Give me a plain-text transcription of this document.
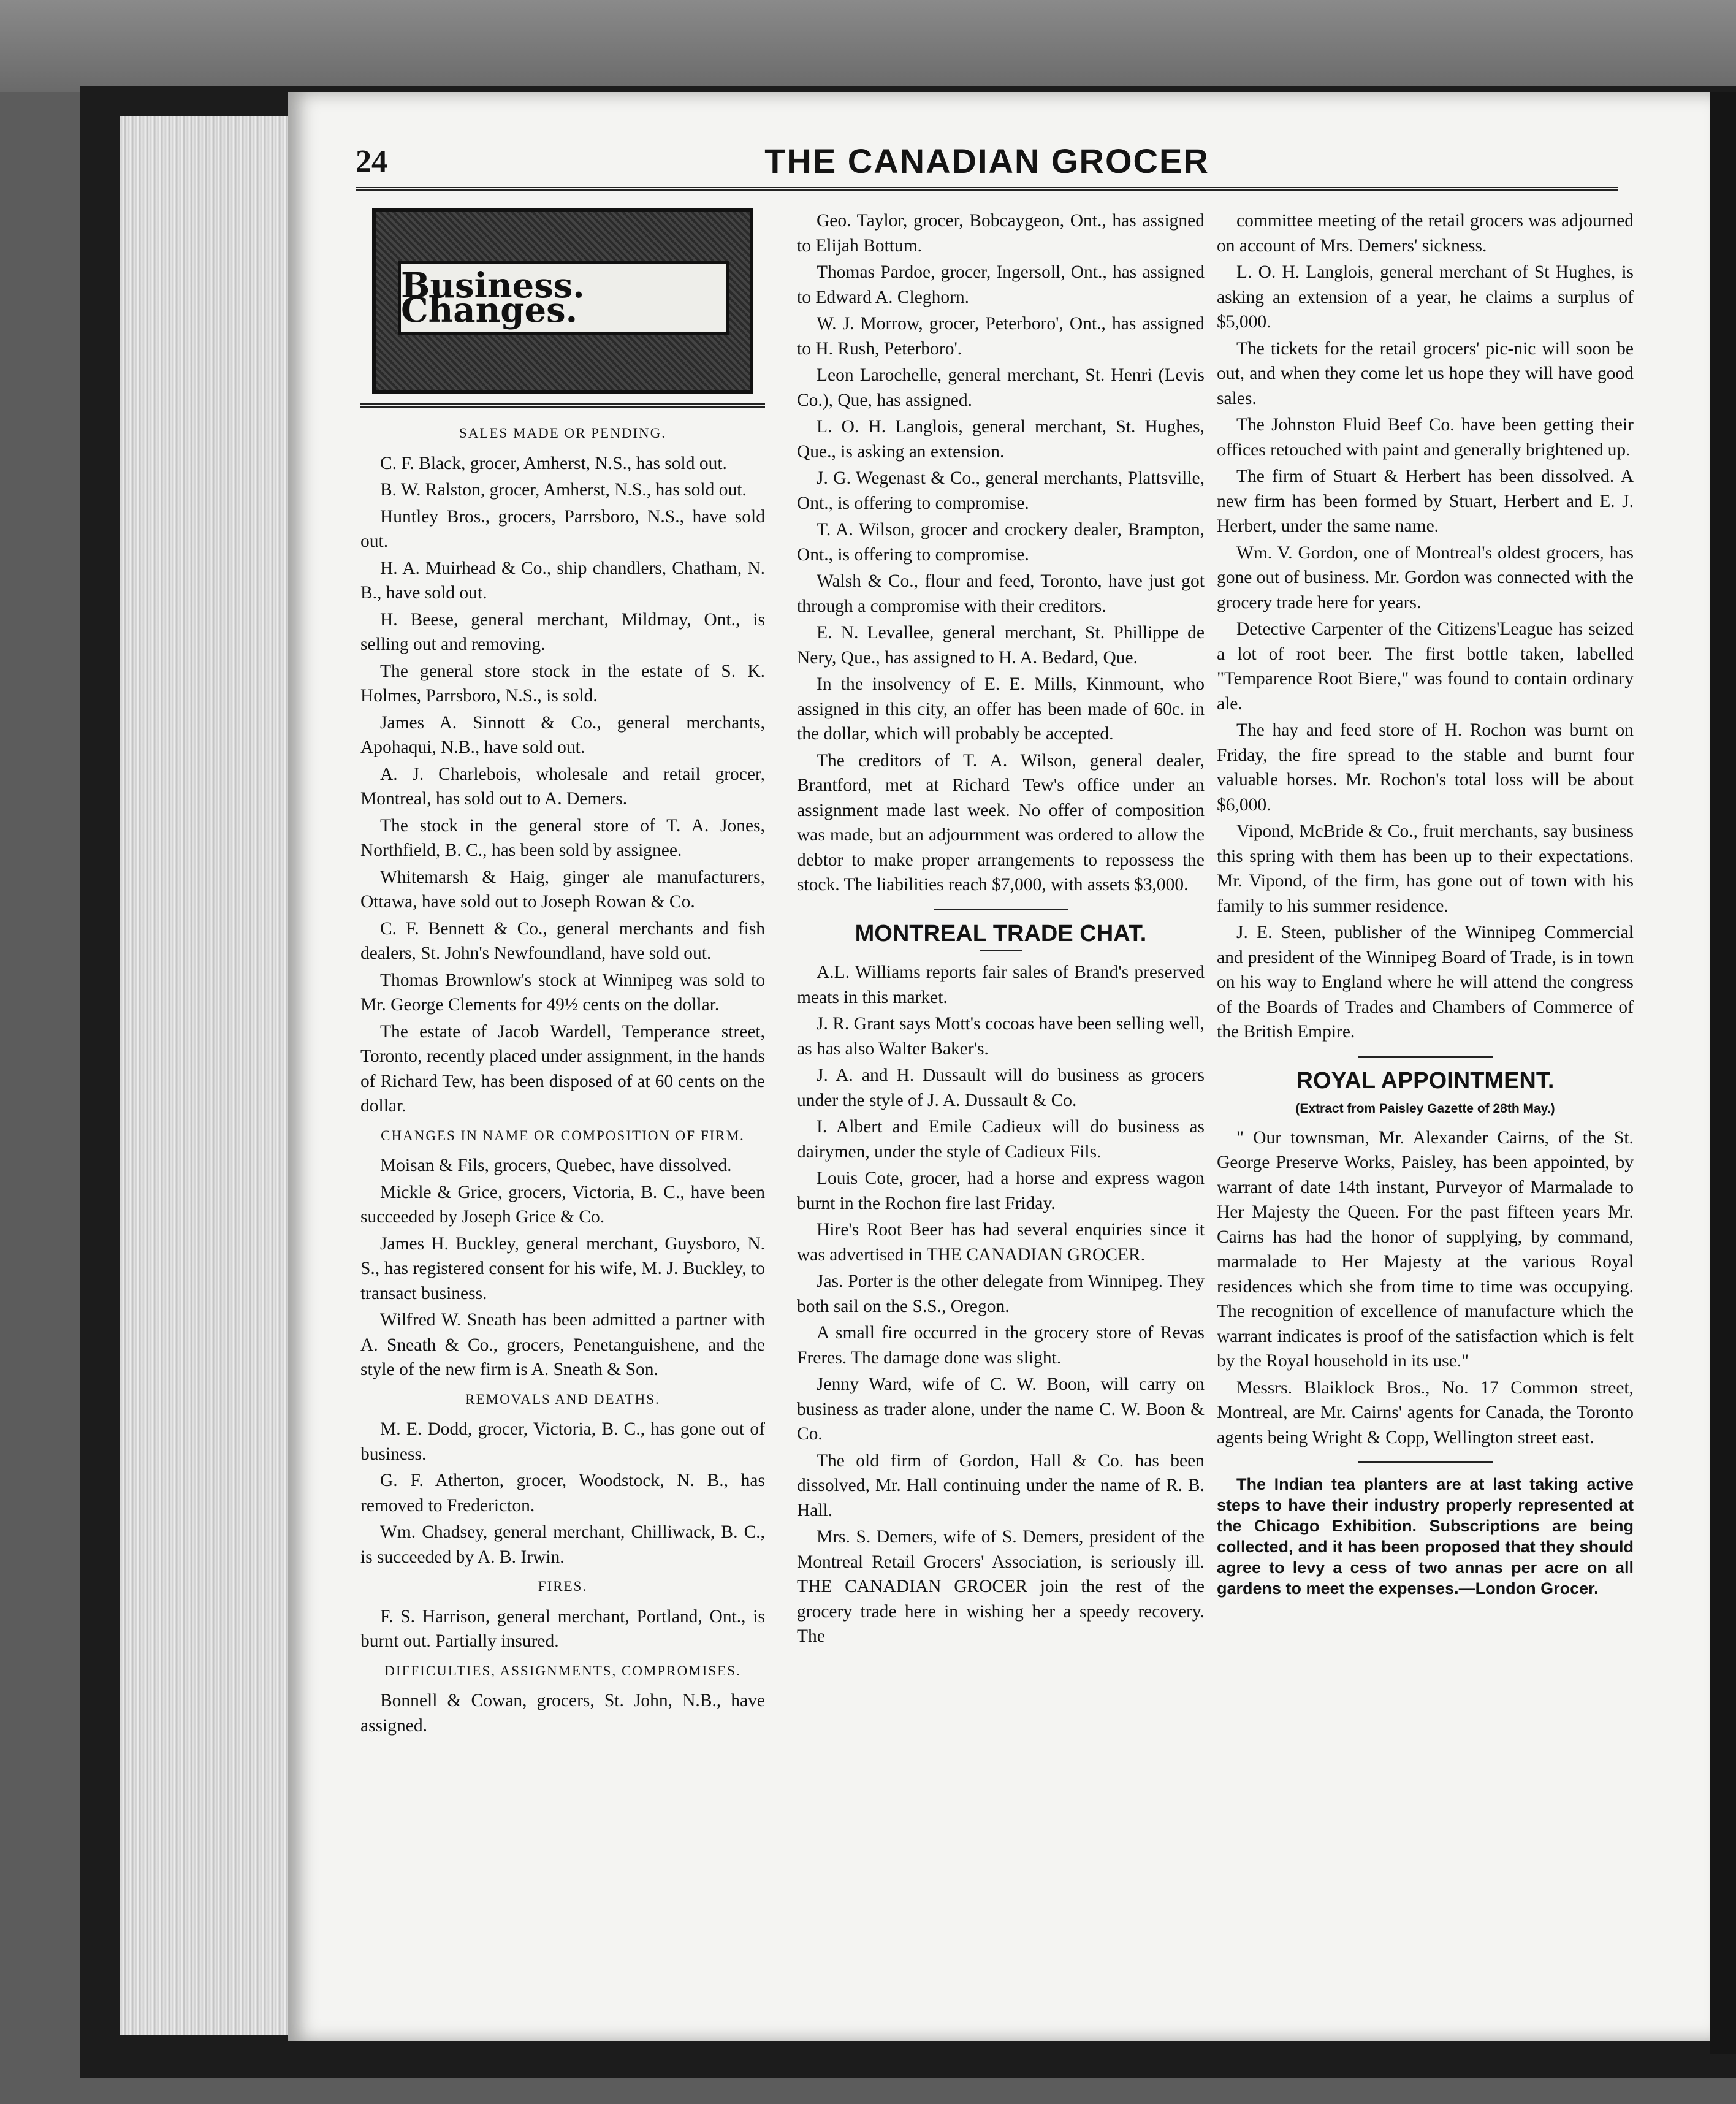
24	THE CANADIAN GROCER
Business. Changes.
SALES MADE OR PENDING.

C. F. Black, grocer, Amherst, N.S., has sold out.

B. W. Ralston, grocer, Amherst, N.S., has sold out.

Huntley Bros., grocers, Parrsboro, N.S., have sold out.

H. A. Muirhead & Co., ship chandlers, Chatham, N. B., have sold out.

H. Beese, general merchant, Mildmay, Ont., is selling out and removing.

The general store stock in the estate of S. K. Holmes, Parrsboro, N.S., is sold.

James A. Sinnott & Co., general merchants, Apohaqui, N.B., have sold out.

A. J. Charlebois, wholesale and retail grocer, Montreal, has sold out to A. Demers.

The stock in the general store of T. A. Jones, Northfield, B. C., has been sold by assignee.

Whitemarsh & Haig, ginger ale manufacturers, Ottawa, have sold out to Joseph Rowan & Co.

C. F. Bennett & Co., general merchants and fish dealers, St. John's Newfoundland, have sold out.

Thomas Brownlow's stock at Winnipeg was sold to Mr. George Clements for 49½ cents on the dollar.

The estate of Jacob Wardell, Temperance street, Toronto, recently placed under assignment, in the hands of Richard Tew, has been disposed of at 60 cents on the dollar.

CHANGES IN NAME OR COMPOSITION OF FIRM.

Moisan & Fils, grocers, Quebec, have dissolved.

Mickle & Grice, grocers, Victoria, B. C., have been succeeded by Joseph Grice & Co.

James H. Buckley, general merchant, Guysboro, N. S., has registered consent for his wife, M. J. Buckley, to transact business.

Wilfred W. Sneath has been admitted a partner with A. Sneath & Co., grocers, Penetanguishene, and the style of the new firm is A. Sneath & Son.

REMOVALS AND DEATHS.

M. E. Dodd, grocer, Victoria, B. C., has gone out of business.

G. F. Atherton, grocer, Woodstock, N. B., has removed to Fredericton.

Wm. Chadsey, general merchant, Chilliwack, B. C., is succeeded by A. B. Irwin.

FIRES.

F. S. Harrison, general merchant, Portland, Ont., is burnt out. Partially insured.

DIFFICULTIES, ASSIGNMENTS, COMPROMISES.

Bonnell & Cowan, grocers, St. John, N.B., have assigned.

Geo. Taylor, grocer, Bobcaygeon, Ont., has assigned to Elijah Bottum.

Thomas Pardoe, grocer, Ingersoll, Ont., has assigned to Edward A. Cleghorn.

W. J. Morrow, grocer, Peterboro', Ont., has assigned to H. Rush, Peterboro'.

Leon Larochelle, general merchant, St. Henri (Levis Co.), Que, has assigned.

L. O. H. Langlois, general merchant, St. Hughes, Que., is asking an extension.

J. G. Wegenast & Co., general merchants, Plattsville, Ont., is offering to compromise.

T. A. Wilson, grocer and crockery dealer, Brampton, Ont., is offering to compromise.

Walsh & Co., flour and feed, Toronto, have just got through a compromise with their creditors.

E. N. Levallee, general merchant, St. Phillippe de Nery, Que., has assigned to H. A. Bedard, Que.

In the insolvency of E. E. Mills, Kinmount, who assigned in this city, an offer has been made of 60c. in the dollar, which will probably be accepted.

The creditors of T. A. Wilson, general dealer, Brantford, met at Richard Tew's office under an assignment made last week. No offer of composition was made, but an adjournment was ordered to allow the debtor to make proper arrangements to repossess the stock. The liabilities reach $7,000, with assets $3,000.

MONTREAL TRADE CHAT.

A.L. Williams reports fair sales of Brand's preserved meats in this market.

J. R. Grant says Mott's cocoas have been selling well, as has also Walter Baker's.

J. A. and H. Dussault will do business as grocers under the style of J. A. Dussault & Co.

I. Albert and Emile Cadieux will do business as dairymen, under the style of Cadieux Fils.

Louis Cote, grocer, had a horse and express wagon burnt in the Rochon fire last Friday.

Hire's Root Beer has had several enquiries since it was advertised in THE CANADIAN GROCER.

Jas. Porter is the other delegate from Winnipeg. They both sail on the S.S., Oregon.

A small fire occurred in the grocery store of Revas Freres. The damage done was slight.

Jenny Ward, wife of C. W. Boon, will carry on business as trader alone, under the name C. W. Boon & Co.

The old firm of Gordon, Hall & Co. has been dissolved, Mr. Hall continuing under the name of R. B. Hall.

Mrs. S. Demers, wife of S. Demers, president of the Montreal Retail Grocers' Association, is seriously ill. THE CANADIAN GROCER join the rest of the grocery trade here in wishing her a speedy recovery. The

committee meeting of the retail grocers was adjourned on account of Mrs. Demers' sickness.

L. O. H. Langlois, general merchant of St Hughes, is asking an extension of a year, he claims a surplus of $5,000.

The tickets for the retail grocers' pic-nic will soon be out, and when they come let us hope they will have good sales.

The Johnston Fluid Beef Co. have been getting their offices retouched with paint and generally brightened up.

The firm of Stuart & Herbert has been dissolved. A new firm has been formed by Stuart, Herbert and E. J. Herbert, under the same name.

Wm. V. Gordon, one of Montreal's oldest grocers, has gone out of business. Mr. Gordon was connected with the grocery trade here for years.

Detective Carpenter of the Citizens'League has seized a lot of root beer. The first bottle taken, labelled "Temparence Root Biere," was found to contain ordinary ale.

The hay and feed store of H. Rochon was burnt on Friday, the fire spread to the stable and burnt four valuable horses. Mr. Rochon's total loss will be about $6,000.

Vipond, McBride & Co., fruit merchants, say business this spring with them has been up to their expectations. Mr. Vipond, of the firm, has gone out of town with his family to his summer residence.

J. E. Steen, publisher of the Winnipeg Commercial and president of the Winnipeg Board of Trade, is in town on his way to England where he will attend the congress of the Boards of Trades and Chambers of Commerce of the British Empire.

ROYAL APPOINTMENT.
(Extract from Paisley Gazette of 28th May.)

" Our townsman, Mr. Alexander Cairns, of the St. George Preserve Works, Paisley, has been appointed, by warrant of date 14th instant, Purveyor of Marmalade to Her Majesty the Queen. For the past fifteen years Mr. Cairns has had the honor of supplying, by command, marmalade to Her Majesty at the various Royal residences which she from time to time was occupying. The recognition of excellence of manufacture which the warrant indicates is proof of the satisfaction which is felt by the Royal household in its use."

Messrs. Blaiklock Bros., No. 17 Common street, Montreal, are Mr. Cairns' agents for Canada, the Toronto agents being Wright & Copp, Wellington street east.

The Indian tea planters are at last taking active steps to have their industry properly represented at the Chicago Exhibition. Subscriptions are being collected, and it has been proposed that they should agree to levy a cess of two annas per acre on all gardens to meet the expenses.—London Grocer.
